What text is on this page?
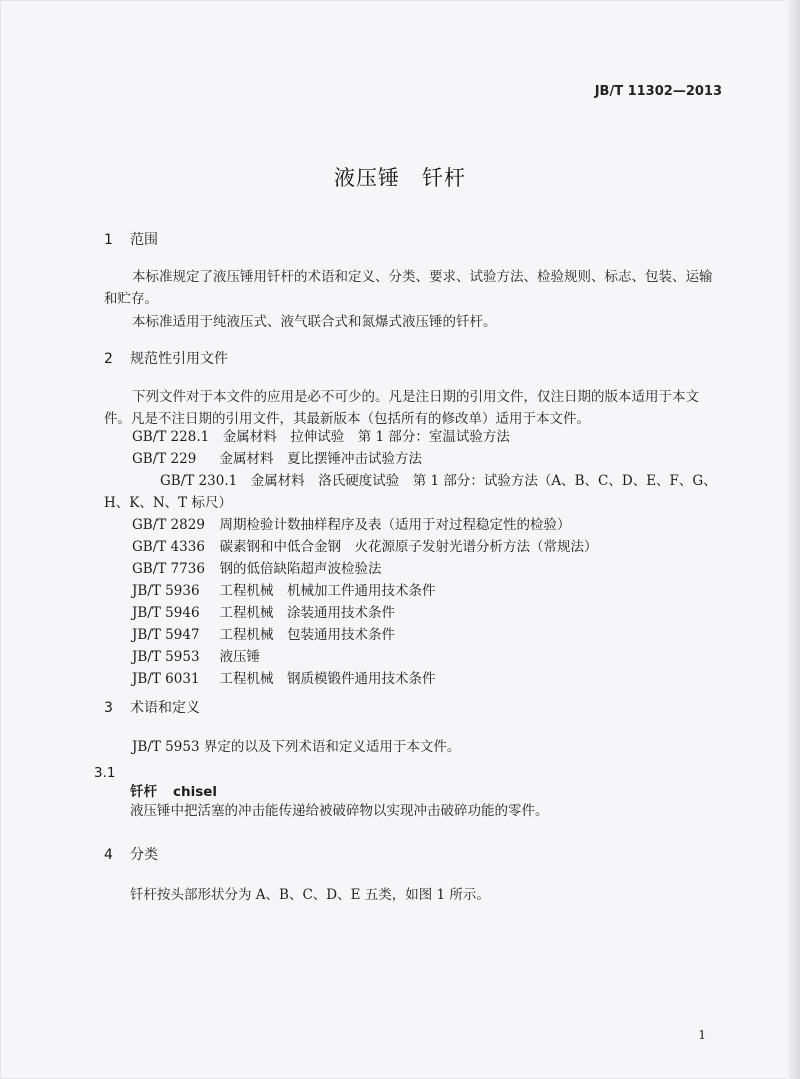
JB/T 11302—2013
液压锤　钎杆
1 范围
本标准规定了液压锤用钎杆的术语和定义、分类、要求、试验方法、检验规则、标志、包装、运输和贮存。
本标准适用于纯液压式、液气联合式和氮爆式液压锤的钎杆。
2 规范性引用文件
下列文件对于本文件的应用是必不可少的。凡是注日期的引用文件，仅注日期的版本适用于本文件。凡是不注日期的引用文件，其最新版本（包括所有的修改单）适用于本文件。
GB/T 228.1　 金属材料　拉伸试验　第 1 部分：室温试验方法
GB/T 229　 金属材料　夏比摆锤冲击试验方法
GB/T 230.1　 金属材料　洛氏硬度试验　第 1 部分：试验方法（A、B、C、D、E、F、G、H、K、N、T 标尺）
GB/T 2829　 周期检验计数抽样程序及表（适用于对过程稳定性的检验）
GB/T 4336　 碳素钢和中低合金钢　火花源原子发射光谱分析方法（常规法）
GB/T 7736　 钢的低倍缺陷超声波检验法
JB/T 5936　 工程机械　机械加工件通用技术条件
JB/T 5946　 工程机械　涂装通用技术条件
JB/T 5947　 工程机械　包装通用技术条件
JB/T 5953　 液压锤
JB/T 6031　 工程机械　钢质模锻件通用技术条件
3 术语和定义
JB/T 5953 界定的以及下列术语和定义适用于本文件。
3.1
钎杆 chisel
液压锤中把活塞的冲击能传递给被破碎物以实现冲击破碎功能的零件。
4 分类
钎杆按头部形状分为 A、B、C、D、E 五类，如图 1 所示。
1
